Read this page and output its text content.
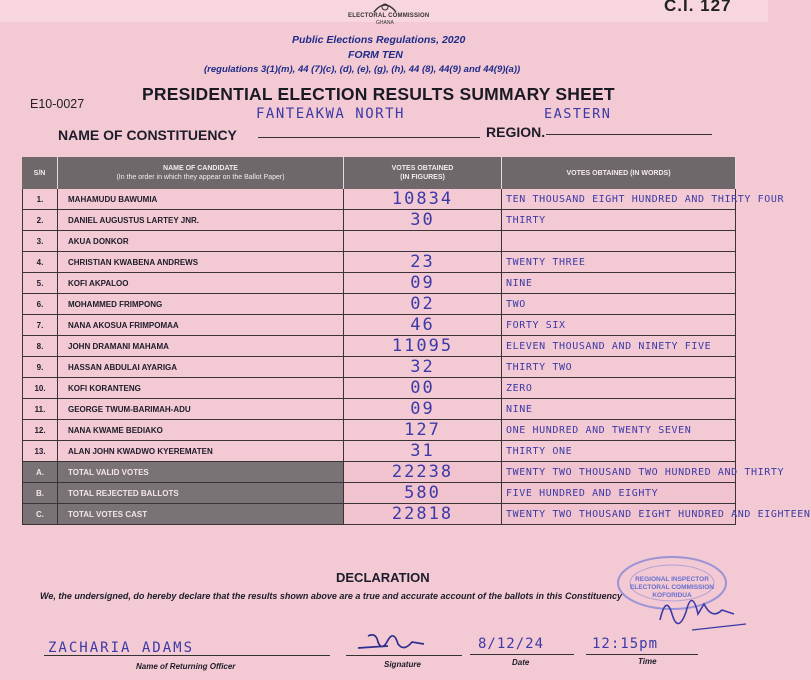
ELECTORAL COMMISSION
GHANA
C.I. 127
Public Elections Regulations, 2020
FORM TEN
(regulations 3(1)(m), 44 (7)(c), (d), (e), (g), (h), 44 (8), 44(9) and 44(9)(a))
E10-0027	PRESIDENTIAL ELECTION RESULTS SUMMARY SHEET
FANTEAKWA NORTH	EASTERN
NAME OF CONSTITUENCY	REGION.
S/N
NAME OF CANDIDATE
(In the order in which they appear on the Ballot Paper)
VOTES OBTAINED
(IN FIGURES)
VOTES OBTAINED (IN WORDS)
1.	MAHAMUDU BAWUMIA	10834	TEN THOUSAND EIGHT HUNDRED AND THIRTY FOUR
2.	DANIEL AUGUSTUS LARTEY JNR.	30	THIRTY
3.	AKUA DONKOR
4.	CHRISTIAN KWABENA ANDREWS	23	TWENTY THREE
5.	KOFI AKPALOO	09	NINE
6.	MOHAMMED FRIMPONG	02	TWO
7.	NANA AKOSUA FRIMPOMAA	46	FORTY SIX
8.	JOHN DRAMANI MAHAMA	11095	ELEVEN THOUSAND AND NINETY FIVE
9.	HASSAN ABDULAI AYARIGA	32	THIRTY TWO
10.	KOFI KORANTENG	00	ZERO
11.	GEORGE TWUM-BARIMAH-ADU	09	NINE
12.	NANA KWAME BEDIAKO	127	ONE HUNDRED AND TWENTY SEVEN
13.	ALAN JOHN KWADWO KYEREMATEN	31	THIRTY ONE
A.	TOTAL VALID VOTES	22238	TWENTY TWO THOUSAND TWO HUNDRED AND THIRTY
B.	TOTAL REJECTED BALLOTS	580	FIVE HUNDRED AND EIGHTY
C.	TOTAL VOTES CAST	22818	TWENTY TWO THOUSAND EIGHT HUNDRED AND EIGHTEEN
DECLARATION
We, the undersigned, do hereby declare that the results shown above are a true and accurate account of the ballots in this Constituency
REGIONAL INSPECTOR ELECTORAL COMMISSION KOFORIDUA
ZACHARIA ADAMS
Name of Returning Officer	Signature
8/12/24
Date
12:15pm
Time
